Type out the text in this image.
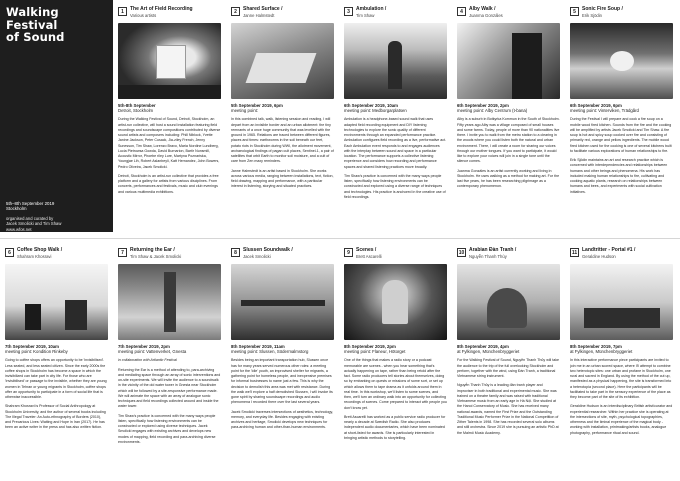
Walking
Festival
of Sound
5th–8th September 2019
Stockholm
organised and curated by
Jacek Smolicki and Tim Shaw
www.wfos.net
1	The Art of Field Recording
Various artists
5th-8th September
Detroit, Stockholm

During the Walking Festival of Sound, Detroit, Stockholm, an artist-run collective, will host a sound installation featuring field recordings and soundscape compositions contributed by diverse sound artists and composers including: Phill Niblock, Yvette Janine Jackson, Peter Cusack, Jia-ziley French, Jenny Sunesson, Tim Shaw, Lorenzo Bravo, Maria Nordine Lundberg, Lucia Pietrowsa Gowda, David Burnarion, Bartir Nunsmill, Acoustic Mirror, Phoebe riley Lure, Martyna Poznańska, Youngjae Lih, Robert Aslanbeyli, Katt Hernandez, John Bowers, Pedro Oliveira, Jacek Smolicki.

Detroit, Stockholm is an artist-run collective that provides a free platform and a gallery for artists from various disciplines. From concerts, performances and festivals, music and club evenings and various multimedia exhibitions.

2	Shared Surface /
Janne Halmstedt
5th September 2019, 6pm
meeting point:

In this combined talk, walk, listening session and reading, I will depart from an invisible border and an urban allotment: the tiny remnants of a once huge community that was levelled with the ground in 1965. Relations are traced between different figures, places and times: earthworms in the soil beneath our feet, potato riots in Stockholm during WWI, the allotment movement, archaeological findings of pagan cult places, Sentinel-1, a pair of satellites that orbit Earth to monitor soil moisture, and a cult of care from Zen maxy reminders.

Janne Halmstedt is an artist based in Stockholm. She works across various media, ranging between installations, text, fiction, field drawing, mapping and performance, with a particular interest in listening, storying and situated practices.

3	Ambulation /
Tim Shaw
6th September 2019, 10am
meeting point: Medborgarplatsen

Ambulation is a headphone-based sound walk that uses adapted field recording equipment and DIY listening technologies to explore the sonic quality of different environments through an expanded performance practice. Ambulation configures field recording as a live, performative act. Each Ambulation event responds to and engages audiences with the interplay between sound and space in a particular location. The performance supports a collective listening experience and considers how recording and performance spaces and shared listening practices move broadly.

Tim Shaw's practice is concerned with the many ways people listen, specifically how listening environments can be constructed and explored using a diverse range of techniques and technologies. His practice is anchored in the creative use of field recordings.

4	Alby Walk /
Juanma Gonzáles
6th September 2019, 2pm
meeting point: Alby Centrum (t-bana)

Alby is a suburb in Botkyrka Kommun in the South of Stockholm. Fifty years ago Alby was a village composed of small houses and some farms. Today, people of more than 90 nationalities live there. I invite you to walk from the metro station to a clearing in the woods where you could listen both the natural and urban environment. There, I will create a room for sharing our voices through our mother tongues. If you want to participate, it would like to explore your voices will join in a single tone until the silence comes.

Juanma Gonzáles is an artist currently working and living in Stockholm. He uses walking as a method for making art. For the last five years, he has been researching pilgrimage as a contemporary phenomenon.

5	Sonic Fire Soup /
Erik Sjödin
6th September 2019, 6pm
meeting point: Vinterviken, Trädgård

During the Festival I will prepare and cook a fire soup on a mobile wood fired kitchen. Sounds from the fire and the cooking will be amplified by artists Jacek Smolicki and Tim Shaw. A fire soup is hot and spicy soup cooked over fire and consisting of primarily red, orange and yellow ingredients. The mobile wood fired kitchen used for the cooking is one of several kitchens built to facilitate various explorations of human relationships to fire.

Erik Sjödin maintains an art and research practice which is concerned with interdependencies and relationships between humans and other beings and phenomena. His work has included making human relationships to fire, cultivating and cooking aquatic plants, research on relationships between humans and bees, and experiments with social cultivation initiatives.

6	Coffee Shop Walk /
Shahram Khosravi
7th September 2019, 10am
meeting point: Kondition Rinkeby

Going to coffee shops offers an opportunity to be 'invisibilised'. Less seated, and less seated citizen. Since the early 2000s the coffee shops in Stockholm has become a space in which the invisibilized can take part in city life. For those who are 'invisibilised' or passage to the invisible, whether they are young women in Tehran or young migrants in Stockholm, coffee shops offer an opportunity to participate in a form of social life that is otherwise inaccessible.

Shahram Khosravi is Professor of Social Anthropology at Stockholm University, and the author of several books including The Illegal Traveler: An Auto-ethnography of Borders (2010), and Precarious Lives: Waiting and Hope in Iran (2017). He has been an active writer in the press and has also written fiction.

7	Returning the Ear /
Tim Shaw & Jacek Smolicki
7th September 2019, 2pm
meeting point: Vattenverket, Gnesta

in collaboration with Artlantic Festival

Returning the Ear is a method of attending to, para-archiving and mediating space through an array of sonic interventions and on-site experiments. We will invite the audience to a soundwalk in the vicinity of the old water tower in Gnesta near Stockholm which will be followed by a site-responsive performance made. We will animate the space with an array of analogue sonic techniques and field recordings collected around and inside the water tower.

Tim Shaw's practice is concerned with the many ways people listen, specifically how listening environments can be constructed or explored using diverse techniques. Jacek Smolicki engages with existing archives and develops new modes of mapping, field recording and para-archiving diverse environments.

8	Slussen Soundwalk /
Jacek Smolicki
8th September 2019, 11am
meeting point: Slussen, Södermalmstorg

Besides being an important transportation hub, Slussen once has for many years served numerous other roles: a meeting point for the 'idle' youth, an improvised shelter for migrants, a gathering point for homeless people, and inexpensive premises for informal businesses to name just a few. This is why the decision to demolish this area was met with resistance. During the walk we'll explore a half demolished Slussen, I will invoke its gone spirit by sharing soundscape recordings and audio phenomena I recorded there over the last several years.

Jacek Smolicki traverses intersections of aesthetics, technology, memory, and everyday life. Besides engaging with existing archives and heritage, Smolicki develops new techniques for para-archiving human and other-than-human environments.

9	Scenes /
Brett Ascarelli
8th September 2019, 2pm
meeting point: Flaneur, Hötorget

One of the things that makes a radio story or a podcast memorable are scenes - when you hear something that's actually happening on tape, rather than being retold after the fact. Some radio producers tell stories about themselves, doing so by embarking on quests or missions of some sort, or set up which allows them to tape drama as it unfolds around them in real time. In this workshop, we'll listen to some scenes, and then, we'll turn an ordinary walk into an opportunity for collecting recordings of scenes. Come prepared to interact with people you don't know yet.

Brett Ascarelli has worked as a public service radio producer for nearly a decade at Swedish Radio. She also produces independent audio documentaries, which have been nominated at short-listed for awards. She is particularly interested in bringing artistic methods to storytelling.

10 Arabian Đàn Tranh /
Nguyễn Thanh Thủy
8th September 2019, 4pm
at Fylkingen, Münchenbryggeriet

For the Walking Festival of Sound, Nguyễn Thanh Thủy will take the audience to the trip of the full overlooking Stockholm and perform, together with the wind, using Đàn Tranh, a traditional Vietnamese string instrument.

Nguyễn Thanh Thủy is a leading đàn tranh player and improviser in both traditional and experimental music. She was trained on a theatre family and was raised with traditional Vietnamese music from an early age in Hà Nội. She studied at the Hanoi Conservatory of Music. She has received many national awards, named the First Prize and the Outstanding Traditional Music Performer Prize in the National Competition of Zither Talents in 1998. She has recorded several solo albums and still orchestra. Since 2019 she is pursuing an artistic PhD at the Malmö Music Academy.

11 Landtritter - Portal #1 /
Geraldine Hudson
8th September 2019, 7pm
at Fylkingen, Münchenbryggeriet

In this interactive performance piece participants are invited to join me in an urban scored space, where I'll attempt to combine two heterotopic sites: one urban and profane in Stockholm, one rural and sacred in England. By using the method of the cut up, manifested as a physical happening, the site is transformed into a heterotopia (second place). Here the participants will be facilitated to take part in the sensory experience of the place as they become part of the site of its exhibition.

Geraldine Hudson is an interdisciplinary British artist/curator and experiential researcher. Within her practice she is operating at the intersections of site, myth, psychological topographies, otherness and the liminal experience of the magical body - working with installation, printmaking/artists books, analogue photography, performance ritual and sound.
